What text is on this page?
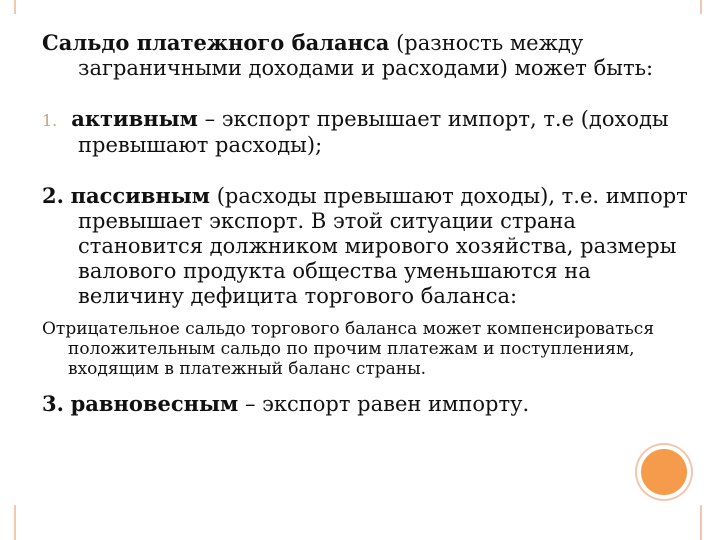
Сальдо платежного баланса (разность между заграничными доходами и расходами) может быть:

1. активным – экспорт превышает импорт, т.е (доходы превышают расходы);

2. пассивным (расходы превышают доходы), т.е. импорт превышает экспорт. В этой ситуации страна становится должником мирового хозяйства, размеры валового продукта общества уменьшаются на величину дефицита торгового баланса:

Отрицательное сальдо торгового баланса может компенсироваться положительным сальдо по прочим платежам и поступлениям, входящим в платежный баланс страны.

3. равновесным – экспорт равен импорту.
